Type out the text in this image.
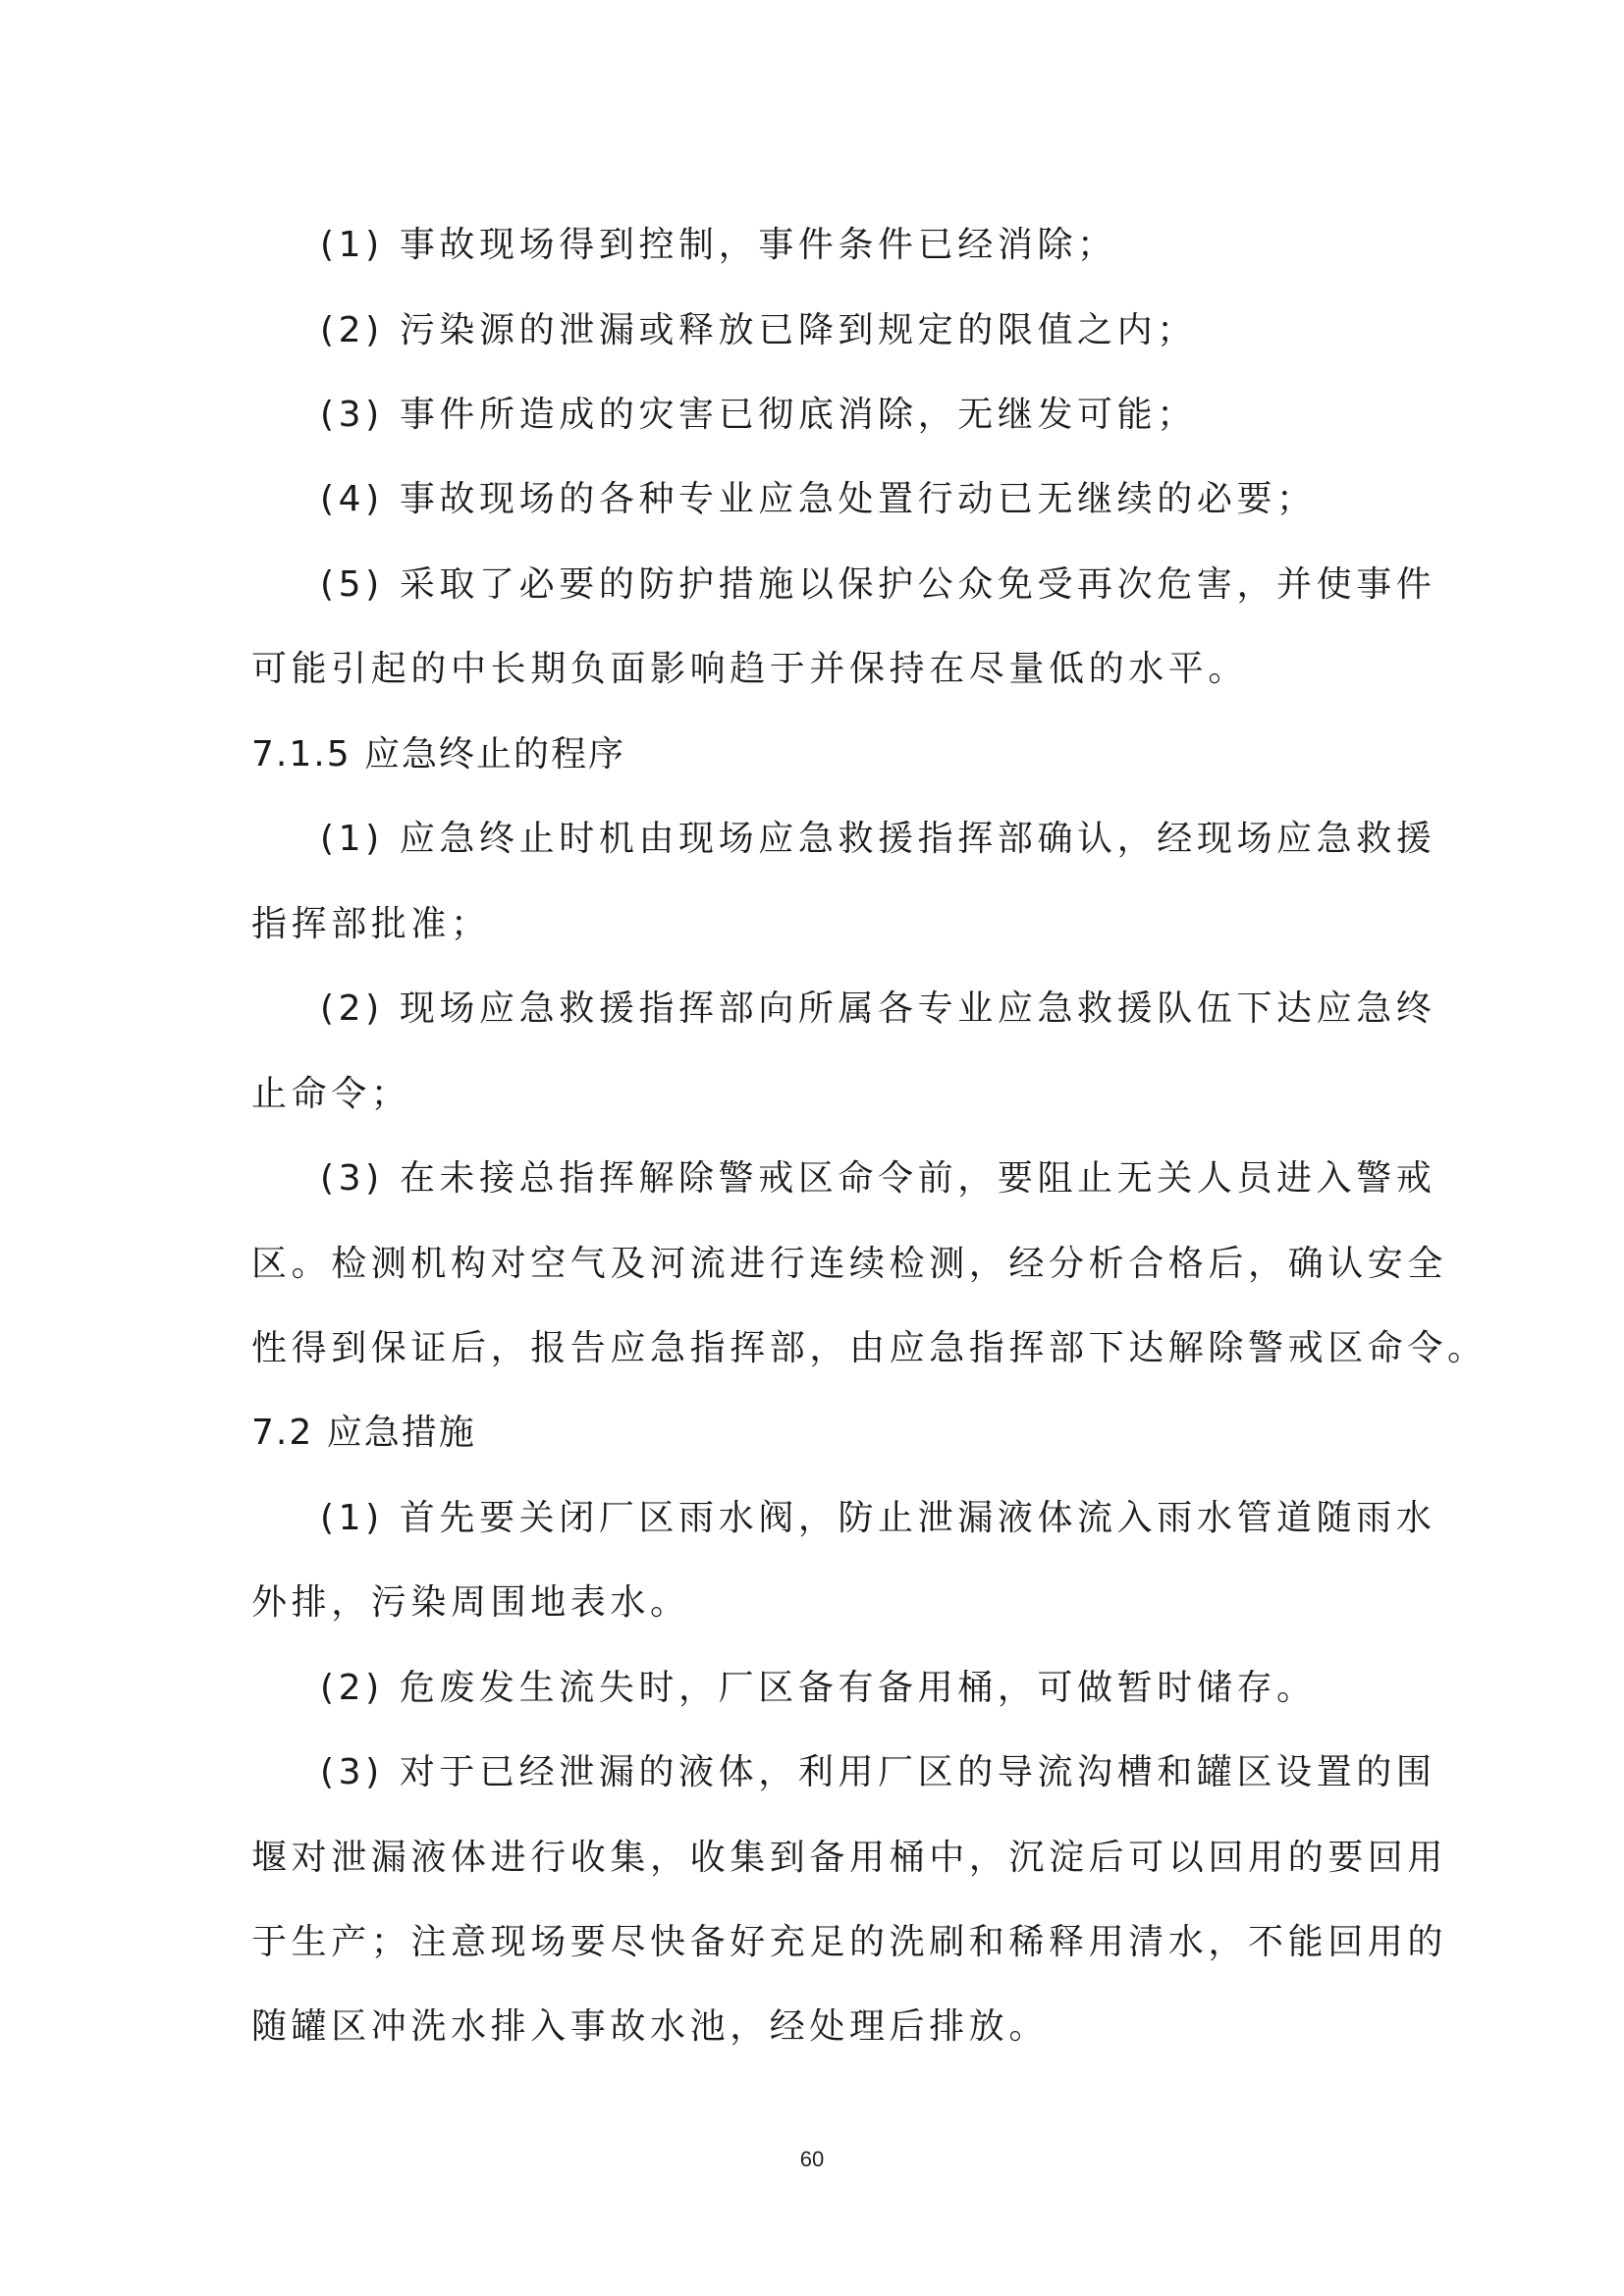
(1) 事故现场得到控制，事件条件已经消除；
(2) 污染源的泄漏或释放已降到规定的限值之内；
(3) 事件所造成的灾害已彻底消除，无继发可能；
(4) 事故现场的各种专业应急处置行动已无继续的必要；
(5) 采取了必要的防护措施以保护公众免受再次危害，并使事件
可能引起的中长期负面影响趋于并保持在尽量低的水平。
7.1.5 应急终止的程序
(1) 应急终止时机由现场应急救援指挥部确认，经现场应急救援
指挥部批准；
(2) 现场应急救援指挥部向所属各专业应急救援队伍下达应急终
止命令；
(3) 在未接总指挥解除警戒区命令前，要阻止无关人员进入警戒
区。检测机构对空气及河流进行连续检测，经分析合格后，确认安全
性得到保证后，报告应急指挥部，由应急指挥部下达解除警戒区命令。
7.2 应急措施
(1) 首先要关闭厂区雨水阀，防止泄漏液体流入雨水管道随雨水
外排，污染周围地表水。
(2) 危废发生流失时，厂区备有备用桶，可做暂时储存。
(3) 对于已经泄漏的液体，利用厂区的导流沟槽和罐区设置的围
堰对泄漏液体进行收集，收集到备用桶中，沉淀后可以回用的要回用
于生产；注意现场要尽快备好充足的洗刷和稀释用清水，不能回用的
随罐区冲洗水排入事故水池，经处理后排放。
60
